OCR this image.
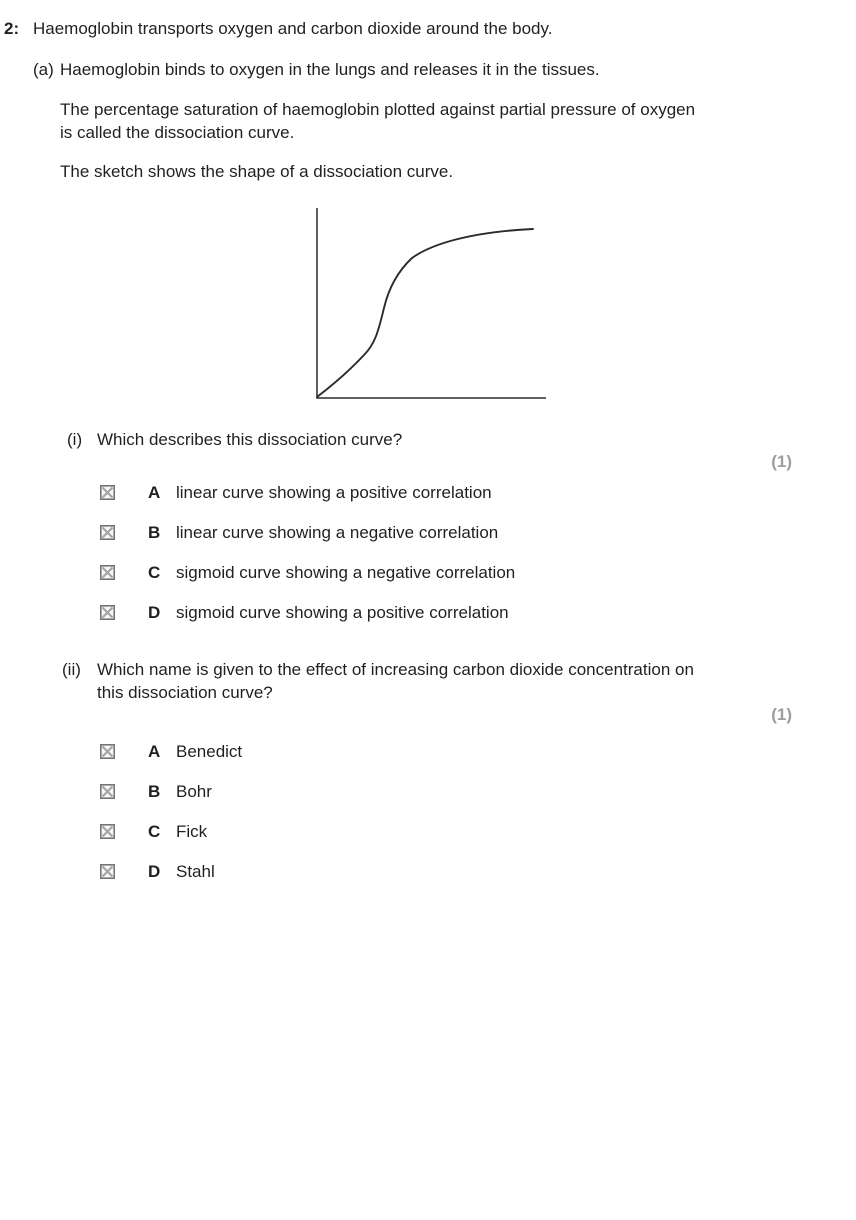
2: Haemoglobin transports oxygen and carbon dioxide around the body.
(a) Haemoglobin binds to oxygen in the lungs and releases it in the tissues.
The percentage saturation of haemoglobin plotted against partial pressure of oxygen is called the dissociation curve.
The sketch shows the shape of a dissociation curve.
(i) Which describes this dissociation curve?
(1)
A linear curve showing a positive correlation
B linear curve showing a negative correlation
C sigmoid curve showing a negative correlation
D sigmoid curve showing a positive correlation
(ii) Which name is given to the effect of increasing carbon dioxide concentration on this dissociation curve?
(1)
A Benedict
B Bohr
C Fick
D Stahl
